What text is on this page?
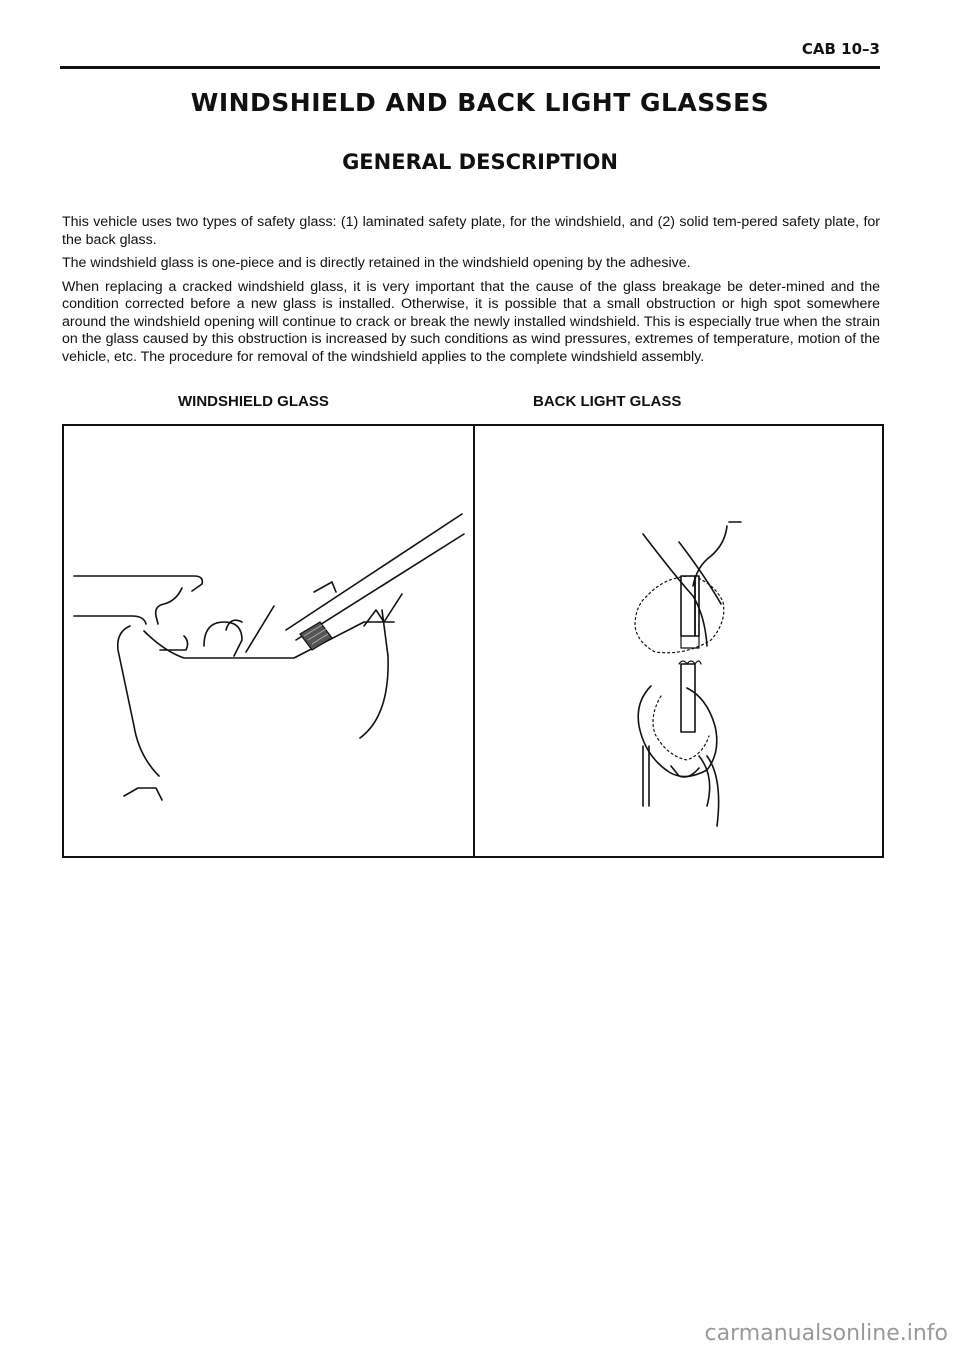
CAB 10–3
WINDSHIELD AND BACK LIGHT GLASSES
GENERAL DESCRIPTION

This vehicle uses two types of safety glass: (1) laminated safety plate, for the windshield, and (2) solid tem-pered safety plate, for the back glass.

The windshield glass is one-piece and is directly retained in the windshield opening by the adhesive.

When replacing a cracked windshield glass, it is very important that the cause of the glass breakage be deter-mined and the condition corrected before a new glass is installed. Otherwise, it is possible that a small obstruction or high spot somewhere around the windshield opening will continue to crack or break the newly installed windshield. This is especially true when the strain on the glass caused by this obstruction is increased by such conditions as wind pressures, extremes of temperature, motion of the vehicle, etc. The procedure for removal of the windshield applies to the complete windshield assembly.

WINDSHIELD GLASS	BACK LIGHT GLASS
carmanualsonline.info
